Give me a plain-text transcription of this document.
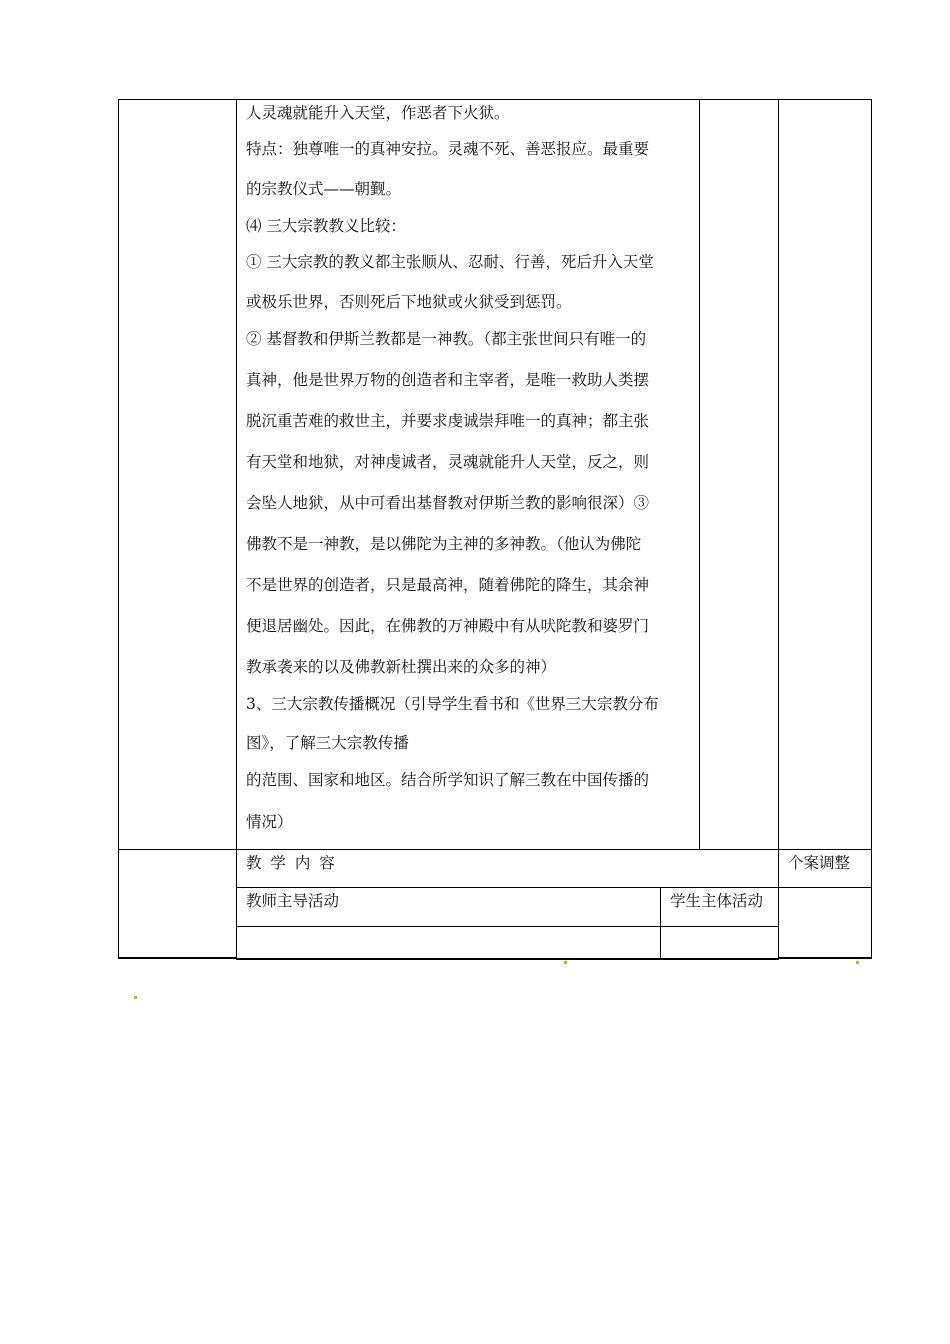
人灵魂就能升入天堂，作恶者下火狱。
特点：独尊唯一的真神安拉。灵魂不死、善恶报应。最重要
的宗教仪式——朝觐。
⑷ 三大宗教教义比较：
① 三大宗教的教义都主张顺从、忍耐、行善，死后升入天堂
或极乐世界，否则死后下地狱或火狱受到惩罚。
② 基督教和伊斯兰教都是一神教。（都主张世间只有唯一的
真神，他是世界万物的创造者和主宰者，是唯一救助人类摆
脱沉重苦难的救世主，并要求虔诚崇拜唯一的真神；都主张
有天堂和地狱，对神虔诚者，灵魂就能升人天堂，反之，则
会坠人地狱，从中可看出基督教对伊斯兰教的影响很深）③
佛教不是一神教，是以佛陀为主神的多神教。（他认为佛陀
不是世界的创造者，只是最高神，随着佛陀的降生，其余神
便退居幽处。因此，在佛教的万神殿中有从吠陀教和婆罗门
教承袭来的以及佛教新杜撰出来的众多的神）
3、三大宗教传播概况（引导学生看书和《世界三大宗教分布
图》，了解三大宗教传播
的范围、国家和地区。结合所学知识了解三教在中国传播的
情况）
教 学 内 容	个案调整
教师主导活动	学生主体活动
